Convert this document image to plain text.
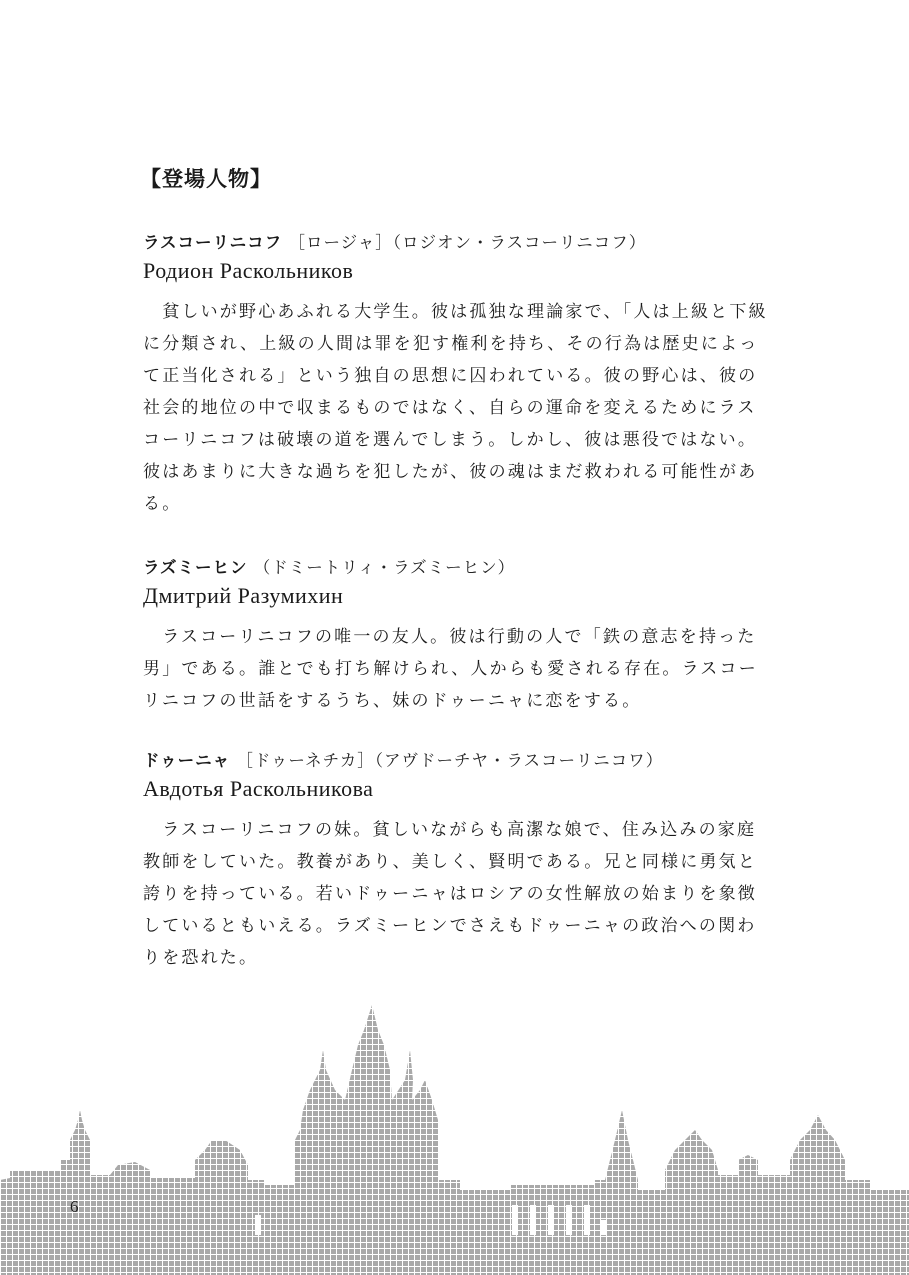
【登場人物】
ラスコーリニコフ ［ロージャ］（ロジオン・ラスコーリニコフ）
Родион Раскольников
　貧しいが野心あふれる大学生。彼は孤独な理論家で、「人は上級と下級
に分類され、上級の人間は罪を犯す権利を持ち、その行為は歴史によっ
て正当化される」という独自の思想に囚われている。彼の野心は、彼の
社会的地位の中で収まるものではなく、自らの運命を変えるためにラス
コーリニコフは破壊の道を選んでしまう。しかし、彼は悪役ではない。
彼はあまりに大きな過ちを犯したが、彼の魂はまだ救われる可能性があ
る。
ラズミーヒン （ドミートリィ・ラズミーヒン）
Дмитрий Разумихин
　ラスコーリニコフの唯一の友人。彼は行動の人で「鉄の意志を持った
男」である。誰とでも打ち解けられ、人からも愛される存在。ラスコー
リニコフの世話をするうち、妹のドゥーニャに恋をする。
ドゥーニャ ［ドゥーネチカ］（アヴドーチヤ・ラスコーリニコワ）
Авдотья Раскольникова
　ラスコーリニコフの妹。貧しいながらも高潔な娘で、住み込みの家庭
教師をしていた。教養があり、美しく、賢明である。兄と同様に勇気と
誇りを持っている。若いドゥーニャはロシアの女性解放の始まりを象徴
しているともいえる。ラズミーヒンでさえもドゥーニャの政治への関わ
りを恐れた。
6
